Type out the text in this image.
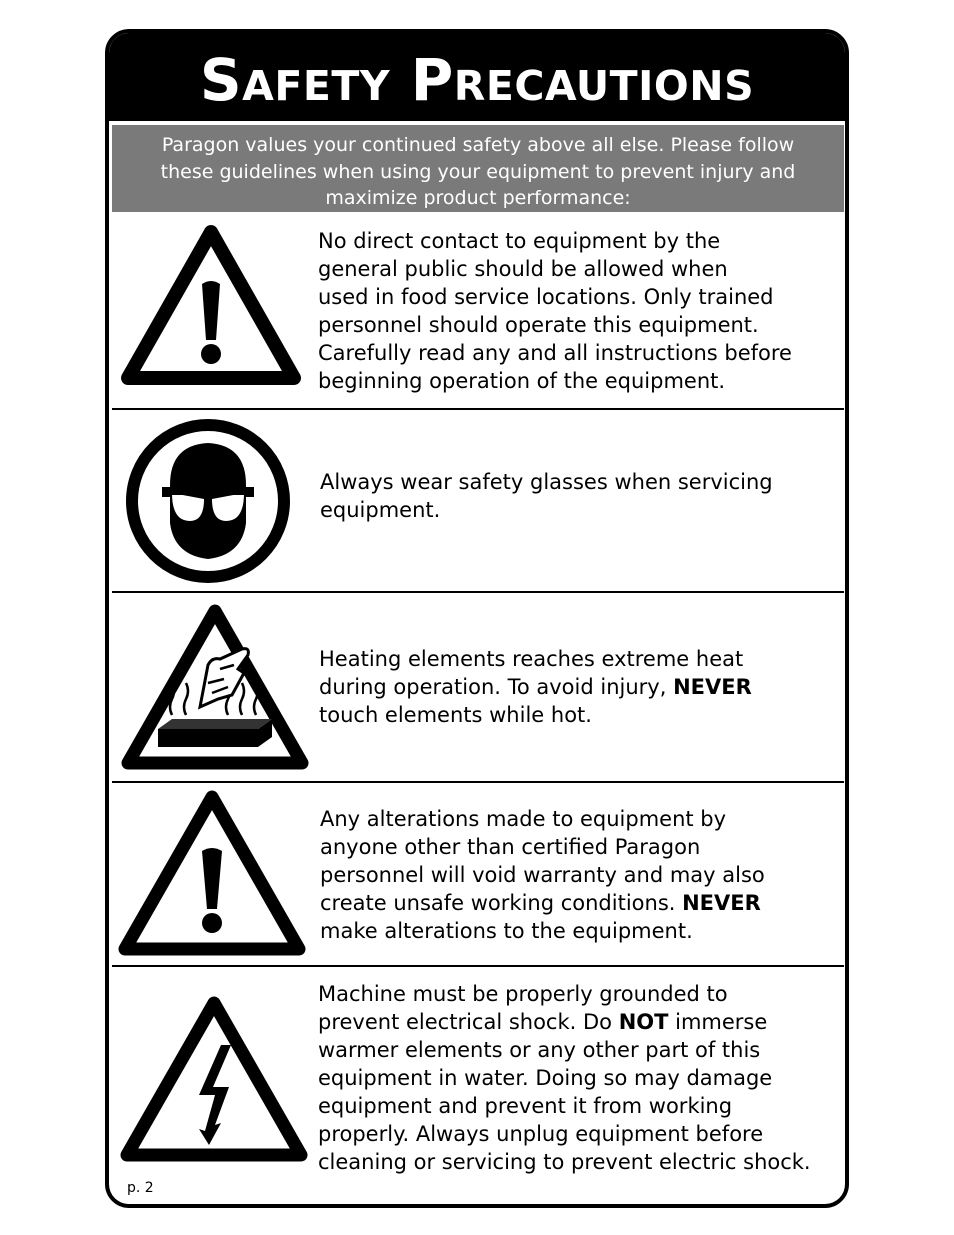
Safety Precautions
Paragon values your continued safety above all else. Please follow
these guidelines when using your equipment to prevent injury and
maximize product performance:
No direct contact to equipment by the
general public should be allowed when
used in food service locations. Only trained
personnel should operate this equipment.
Carefully read any and all instructions before
beginning operation of the equipment.
Always wear safety glasses when servicing
equipment.
Heating elements reaches extreme heat
during operation. To avoid injury, NEVER
touch elements while hot.
Any alterations made to equipment by
anyone other than certified Paragon
personnel will void warranty and may also
create unsafe working conditions. NEVER
make alterations to the equipment.
Machine must be properly grounded to
prevent electrical shock. Do NOT immerse
warmer elements or any other part of this
equipment in water. Doing so may damage
equipment and prevent it from working
properly. Always unplug equipment before
cleaning or servicing to prevent electric shock.
p. 2
